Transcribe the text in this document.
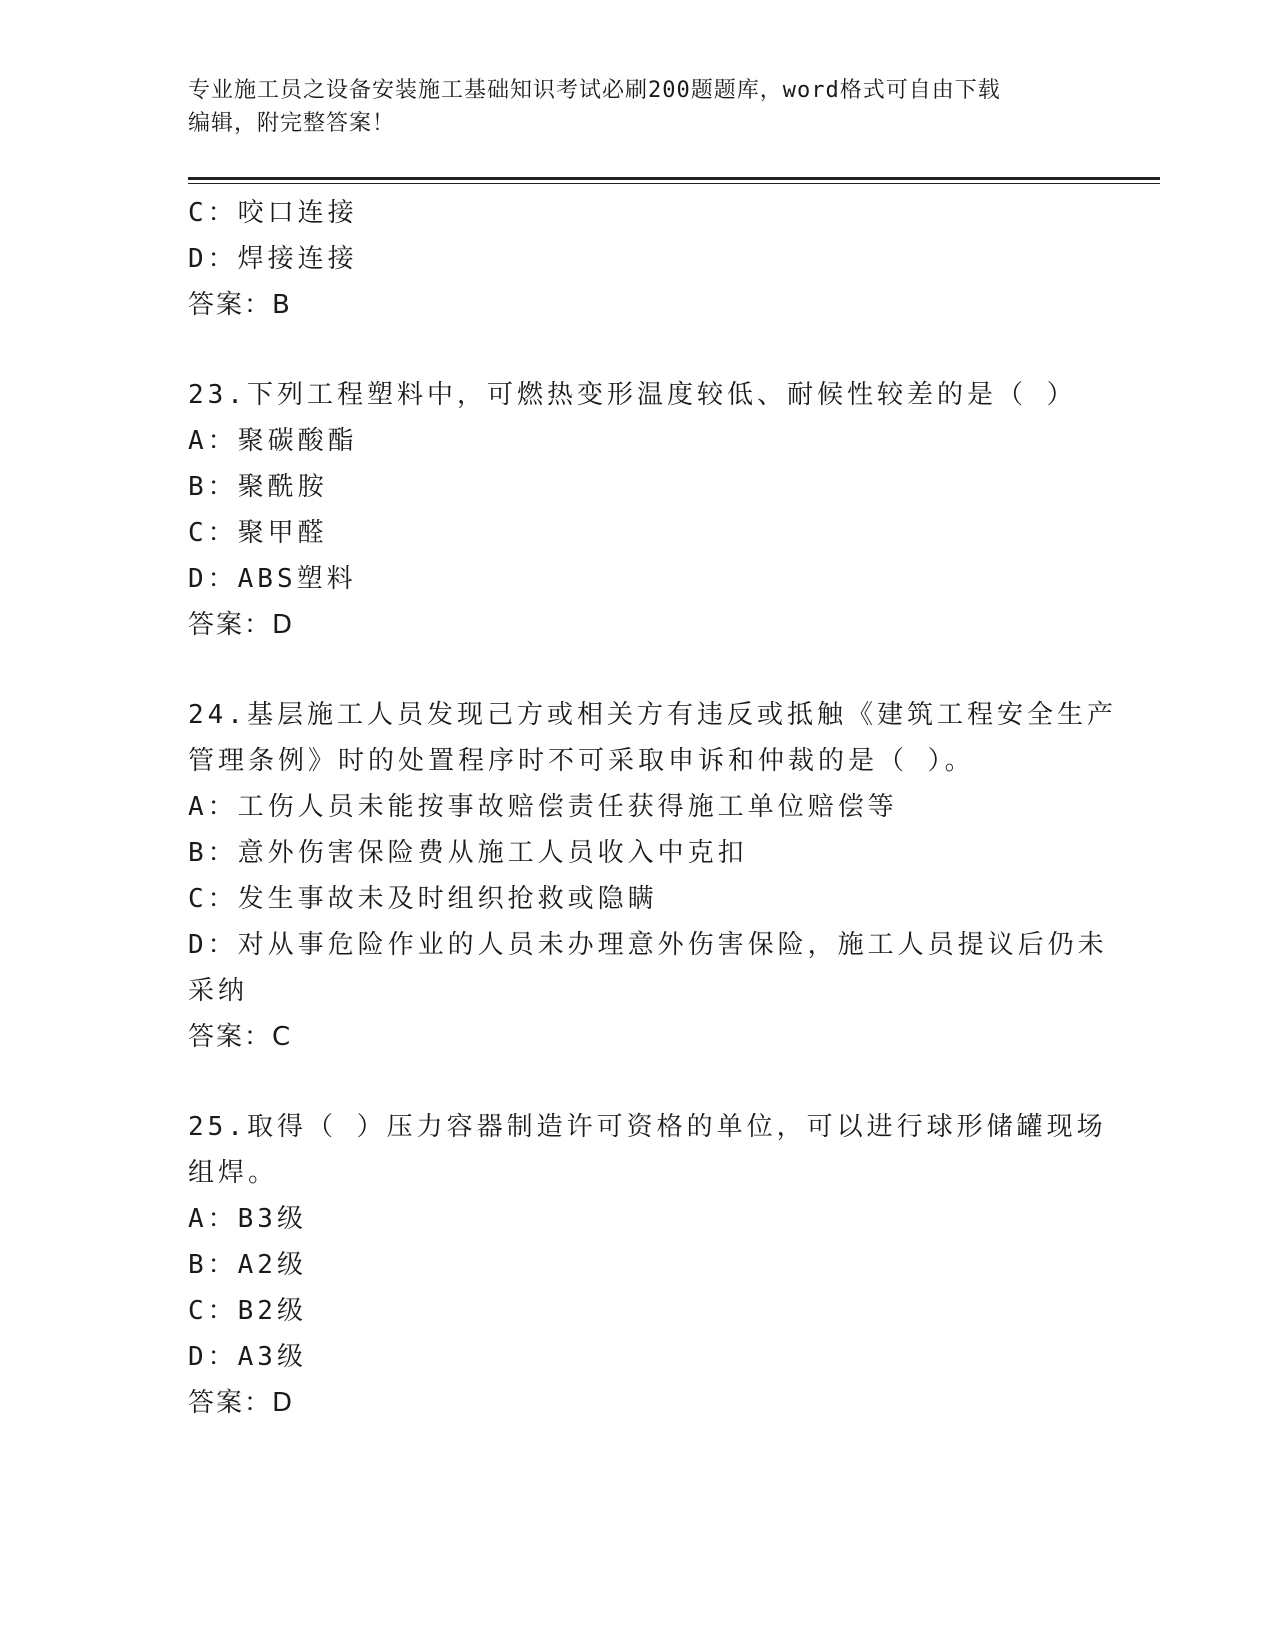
专业施工员之设备安装施工基础知识考试必刷200题题库，word格式可自由下载
编辑，附完整答案！
C：咬口连接
D：焊接连接
答案：B
23.下列工程塑料中，可燃热变形温度较低、耐候性较差的是（ ）
A：聚碳酸酯
B：聚酰胺
C：聚甲醛
D：ABS塑料
答案：D
24.基层施工人员发现己方或相关方有违反或抵触《建筑工程安全生产
管理条例》时的处置程序时不可采取申诉和仲裁的是（ ）。
A：工伤人员未能按事故赔偿责任获得施工单位赔偿等
B：意外伤害保险费从施工人员收入中克扣
C：发生事故未及时组织抢救或隐瞒
D：对从事危险作业的人员未办理意外伤害保险，施工人员提议后仍未
采纳
答案：C
25.取得（ ）压力容器制造许可资格的单位，可以进行球形储罐现场
组焊。
A：B3级
B：A2级
C：B2级
D：A3级
答案：D
